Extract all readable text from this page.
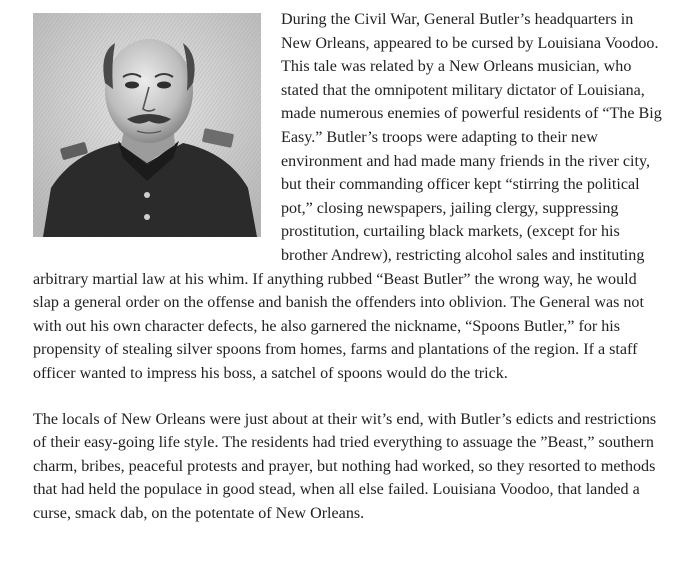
During the Civil War, General Butler’s headquarters in New Orleans, appeared to be cursed by Louisiana Voodoo. This tale was related by a New Orleans musician, who stated that the omnipotent military dictator of Louisiana, made numerous enemies of powerful residents of “The Big Easy.” Butler’s troops were adapting to their new environment and had made many friends in the river city, but their commanding officer kept “stirring the political pot,” closing newspapers, jailing clergy, suppressing prostitution, curtailing black markets, (except for his brother Andrew), restricting alcohol sales and instituting arbitrary martial law at his whim. If anything rubbed “Beast Butler” the wrong way, he would slap a general order on the offense and banish the offenders into oblivion. The General was not with out his own character defects, he also garnered the nickname, “Spoons Butler,” for his propensity of stealing silver spoons from homes, farms and plantations of the region. If a staff officer wanted to impress his boss, a satchel of spoons would do the trick.

The locals of New Orleans were just about at their wit’s end, with Butler’s edicts and restrictions of their easy-going life style. The residents had tried everything to assuage the ”Beast,” southern charm, bribes, peaceful protests and prayer, but nothing had worked, so they resorted to methods that had held the populace in good stead, when all else failed. Louisiana Voodoo, that landed a curse, smack dab, on the potentate of New Orleans.
